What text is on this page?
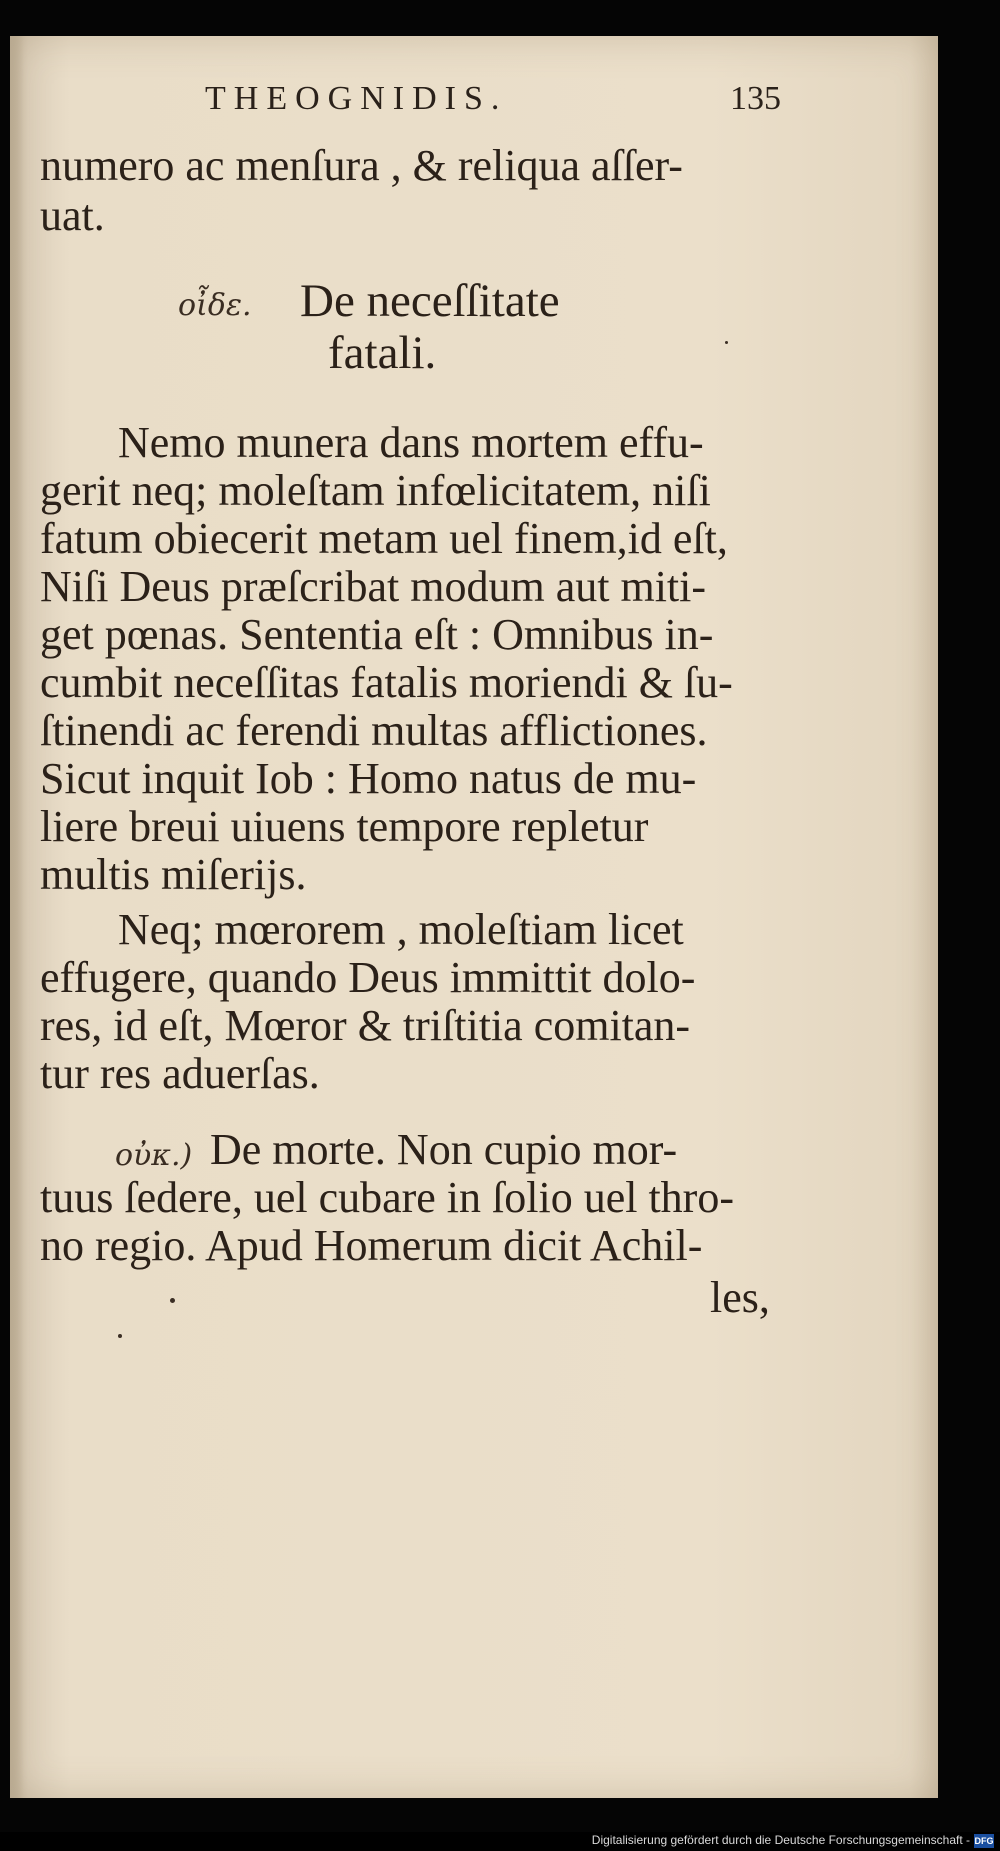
THEOGNIDIS.	135
numero ac menſura , & reliqua aſſer-
uat.
οἶδε. De neceſſitate
fatali.
Nemo munera dans mortem effu-
gerit neq; moleſtam infœlicitatem, niſi
fatum obiecerit metam uel finem,id eſt,
Niſi Deus præſcribat modum aut miti-
get pœnas. Sententia eſt : Omnibus in-
cumbit neceſſitas fatalis moriendi & ſu-
ſtinendi ac ferendi multas afflictiones.
Sicut inquit Iob : Homo natus de mu-
liere breui uiuens tempore repletur
multis miſerijs.
Neq; mœrorem , moleſtiam licet
effugere, quando Deus immittit dolo-
res, id eſt, Mœror & triſtitia comitan-
tur res aduerſas.
οὐκ.) De morte. Non cupio mor-
tuus ſedere, uel cubare in ſolio uel thro-
no regio. Apud Homerum dicit Achil-
les,
Digitalisierung gefördert durch die Deutsche Forschungsgemeinschaft - DFG
